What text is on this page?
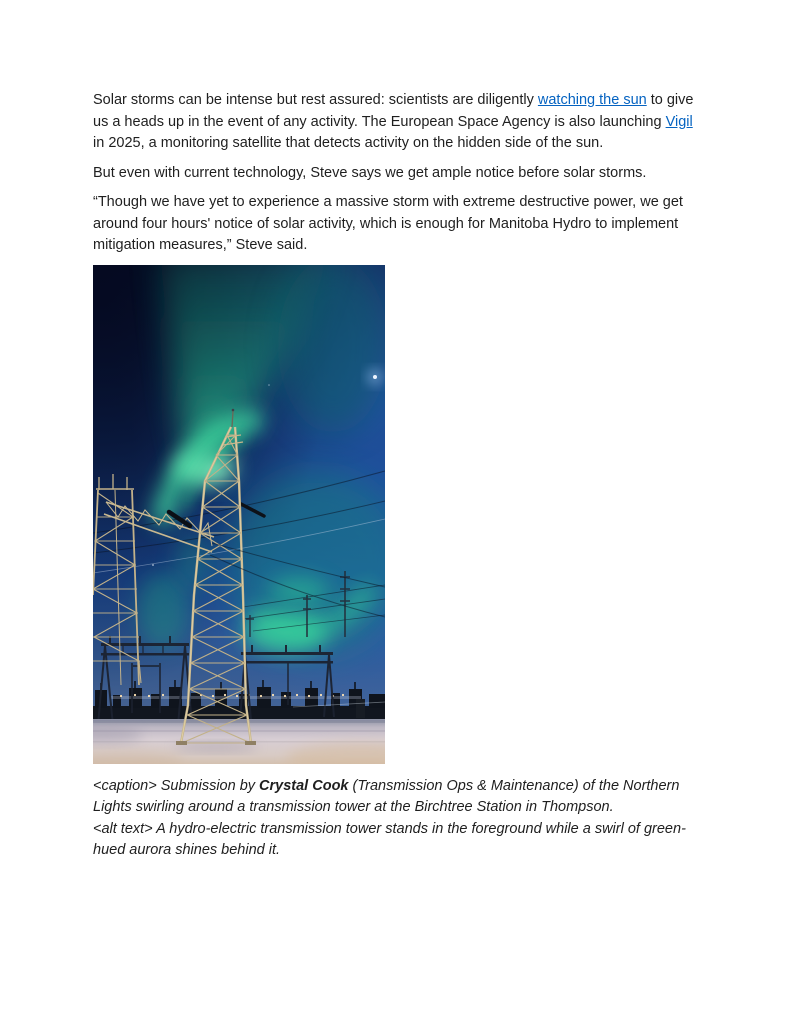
Solar storms can be intense but rest assured: scientists are diligently watching the sun to give us a heads up in the event of any activity. The European Space Agency is also launching Vigil in 2025, a monitoring satellite that detects activity on the hidden side of the sun.

But even with current technology, Steve says we get ample notice before solar storms.

“Though we have yet to experience a massive storm with extreme destructive power, we get around four hours' notice of solar activity, which is enough for Manitoba Hydro to implement mitigation measures,” Steve said.

<caption> Submission by Crystal Cook (Transmission Ops & Maintenance) of the Northern Lights swirling around a transmission tower at the Birchtree Station in Thompson.
<alt text> A hydro-electric transmission tower stands in the foreground while a swirl of green-hued aurora shines behind it.
